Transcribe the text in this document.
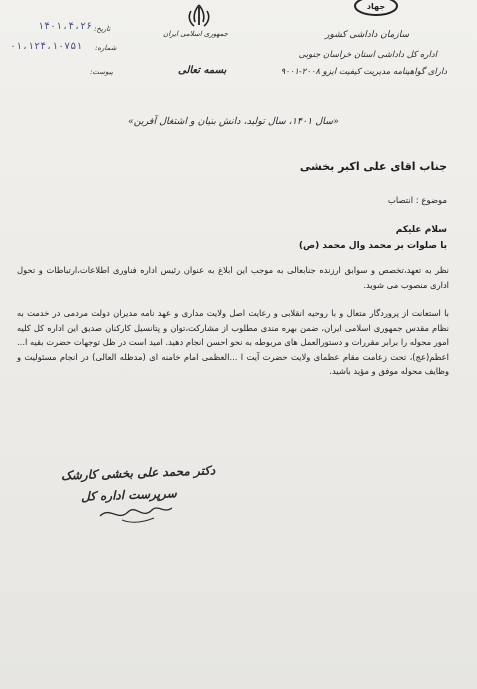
جهاد
سازمان داداشی کشور
اداره کل داداشی استان خراسان جنوبی
دارای گواهینامه مدیریت کیفیت ایزو ۲۰۰۸-۹۰۰۱
جمهوری اسلامی ایران
بسمه تعالی
تاریخ:
۱۴۰۱،۴،۲۶
شماره:
۰۱،۱۲۴،۱۰۷۵۱
پیوست:
«سال ۱۴۰۱، سال تولید، دانش بنیان و اشتغال آفرین»
جناب اقای علی اکبر بخشی
موضوع : انتصاب
سلام علیکم
با صلوات بر محمد وال محمد (ص)
نظر به تعهد،تخصص و سوابق ارزنده جنابعالی به موجب این ابلاغ به عنوان رئیس اداره فناوری اطلاعات،ارتباطات و تحول اداری منصوب می شوید.
با استعانت از پروردگار متعال و با روحیه انقلابی و رعایت اصل ولایت مداری و عهد نامه مدیران دولت مردمی در خدمت به نظام مقدس جمهوری اسلامی ایران، ضمن بهره مندی مطلوب از مشارکت،توان و پتانسیل کارکنان صدیق این اداره کل کلیه امور محوله را برابر مقررات و دستورالعمل های مربوطه به نحو احسن انجام دهید. امید است در ظل توجهات حضرت بقیه ا... اعظم(عج)، تحت زعامت مقام عظمای ولایت حضرت آیت ا ...العظمی امام خامنه ای (مدظله العالی) در انجام مسئولیت و وظایف محوله موفق و مؤید باشید.
دکتر محمد علی بخشی کارشک
سرپرست اداره کل
